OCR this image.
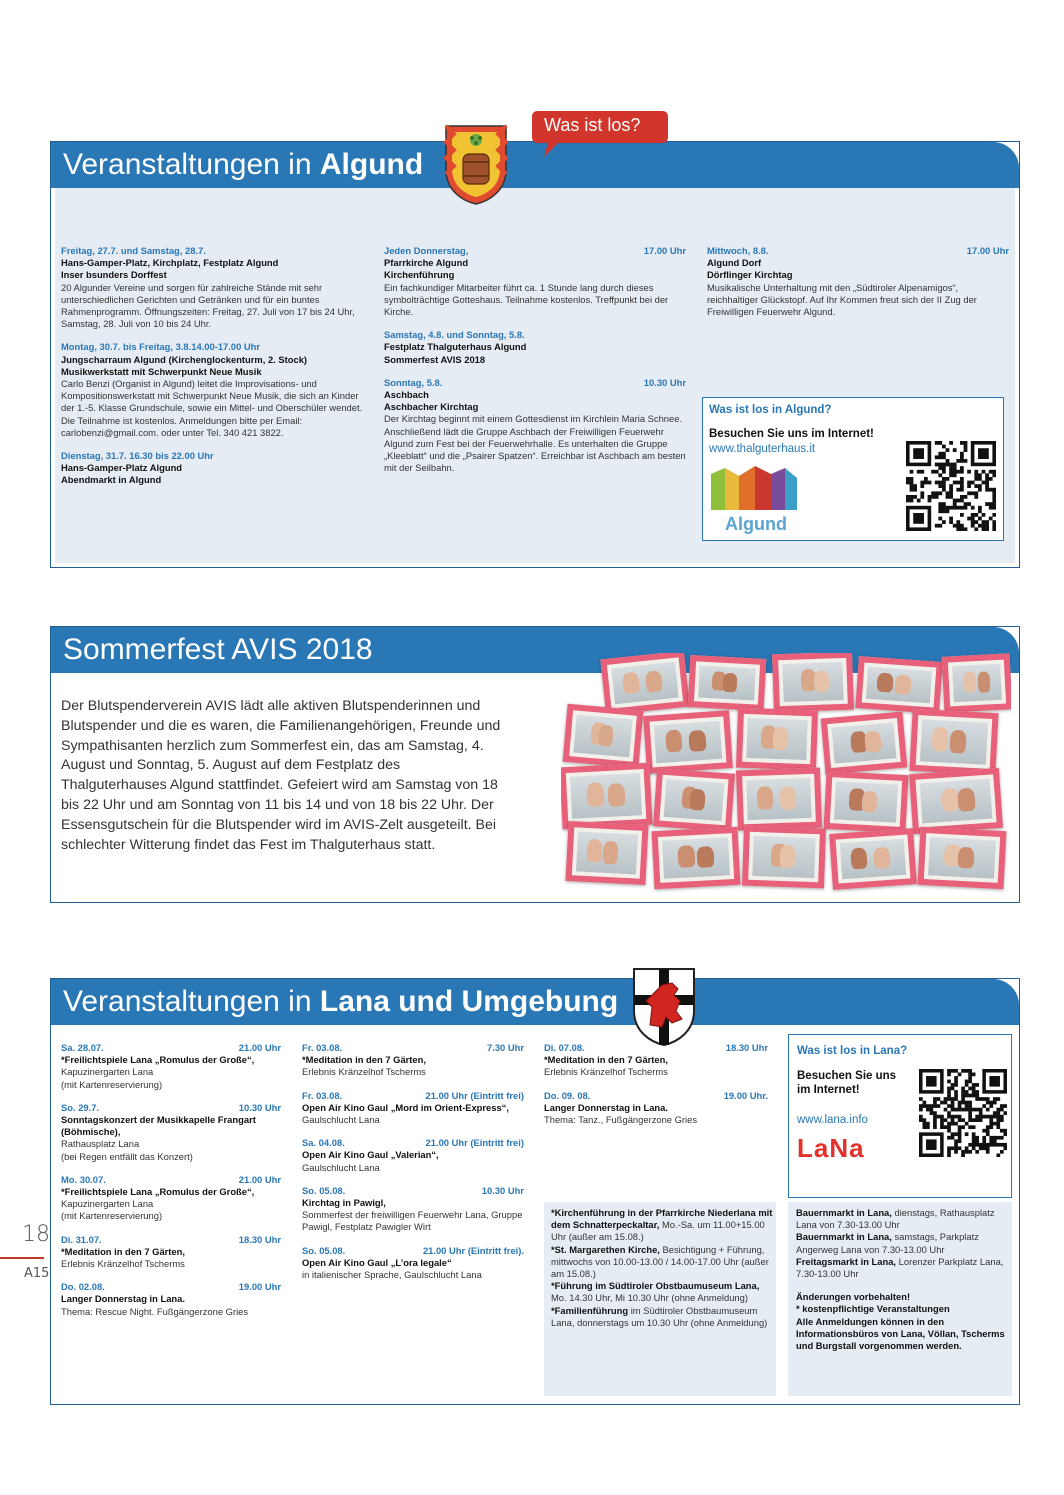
Veranstaltungen in Algund
Freitag, 27.7. und Samstag, 28.7.
Hans-Gamper-Platz, Kirchplatz, Festplatz Algund
Inser bsunders Dorffest
20 Algunder Vereine und sorgen für zahlreiche Stände mit sehr unterschiedlichen Gerichten und Getränken und für ein buntes Rahmenprogramm. Öffnungszeiten: Freitag, 27. Juli von 17 bis 24 Uhr, Samstag, 28. Juli von 10 bis 24 Uhr.
Montag, 30.7. bis Freitag, 3.8.14.00-17.00 Uhr
Jungscharraum Algund (Kirchenglockenturm, 2. Stock)
Musikwerkstatt mit Schwerpunkt Neue Musik
Carlo Benzi (Organist in Algund) leitet die Improvisations- und Kompositionswerkstatt mit Schwerpunkt Neue Musik, die sich an Kinder der 1.-5. Klasse Grundschule, sowie ein Mittel- und Oberschüler wendet. Die Teilnahme ist kostenlos. Anmeldungen bitte per Email: carlobenzi@gmail.com. oder unter Tel. 340 421 3822.
Dienstag, 31.7. 16.30 bis 22.00 Uhr
Hans-Gamper-Platz Algund
Abendmarkt in Algund
Jeden Donnerstag,	17.00 Uhr
Pfarrkirche Algund
Kirchenführung
Ein fachkundiger Mitarbeiter führt ca. 1 Stunde lang durch dieses symbolträchtige Gotteshaus. Teilnahme kostenlos. Treffpunkt bei der Kirche.
Samstag, 4.8. und Sonntag, 5.8.
Festplatz Thalguterhaus Algund
Sommerfest AVIS 2018
Sonntag, 5.8.	10.30 Uhr
Aschbach
Aschbacher Kirchtag
Der Kirchtag beginnt mit einem Gottesdienst im Kirchlein Maria Schnee. Anschließend lädt die Gruppe Aschbach der Freiwilligen Feuerwehr Algund zum Fest bei der Feuerwehrhalle. Es unterhalten die Gruppe „Kleeblatt“ und die „Psairer Spatzen“. Erreichbar ist Aschbach am besten mit der Seilbahn.
Mittwoch, 8.8.	17.00 Uhr
Algund Dorf
Dörflinger Kirchtag
Musikalische Unterhaltung mit den „Südtiroler Alpenamigos“, reichhaltiger Glückstopf. Auf Ihr Kommen freut sich der II Zug der Freiwilligen Feuerwehr Algund.
Was ist los in Algund?
Besuchen Sie uns im Internet!
www.thalguterhaus.it
Algund
Was ist los?
Sommerfest AVIS 2018
Der Blutspenderverein AVIS lädt alle aktiven Blutspenderinnen und Blutspender und die es waren, die Familienangehörigen, Freunde und Sympathisanten herzlich zum Sommerfest ein, das am Samstag, 4. August und Sonntag, 5. August auf dem Festplatz des Thalguterhauses Algund stattfindet. Gefeiert wird am Samstag von 18 bis 22 Uhr und am Sonntag von 11 bis 14 und von 18 bis 22 Uhr. Der Essensgutschein für die Blutspender wird im AVIS-Zelt ausgeteilt. Bei schlechter Witterung findet das Fest im Thalguterhaus statt.
Veranstaltungen in Lana und Umgebung
Sa. 28.07.	21.00 Uhr
*Freilichtspiele Lana „Romulus der Große“,
Kapuzinergarten Lana
(mit Kartenreservierung)
So. 29.7.	10.30 Uhr
Sonntagskonzert der Musikkapelle Frangart (Böhmische),
Rathausplatz Lana
(bei Regen entfällt das Konzert)
Mo. 30.07.	21.00 Uhr
*Freilichtspiele Lana „Romulus der Große“,
Kapuzinergarten Lana
(mit Kartenreservierung)
Di. 31.07.	18.30 Uhr
*Meditation in den 7 Gärten,
Erlebnis Kränzelhof Tscherms
Do. 02.08.	19.00 Uhr
Langer Donnerstag in Lana.
Thema: Rescue Night. Fußgängerzone Gries
Fr. 03.08.	7.30 Uhr
*Meditation in den 7 Gärten,
Erlebnis Kränzelhof Tscherms
Fr. 03.08.	21.00 Uhr (Eintritt frei)
Open Air Kino Gaul „Mord im Orient-Express“,
Gaulschlucht Lana
Sa. 04.08.	21.00 Uhr (Eintritt frei)
Open Air Kino Gaul „Valerian“,
Gaulschlucht Lana
So. 05.08.	10.30 Uhr
Kirchtag in Pawigl,
Sommerfest der freiwilligen Feuerwehr Lana, Gruppe Pawigl, Festplatz Pawigler Wirt
So. 05.08.	21.00 Uhr (Eintritt frei).
Open Air Kino Gaul „L’ora legale“
in italienischer Sprache, Gaulschlucht Lana
Di. 07.08.	18.30 Uhr
*Meditation in den 7 Gärten,
Erlebnis Kränzelhof Tscherms
Do. 09. 08.	19.00 Uhr.
Langer Donnerstag in Lana.
Thema: Tanz., Fußgängerzone Gries
*Kirchenführung in der Pfarrkirche Niederlana mit dem Schnatterpeckaltar, Mo.-Sa. um 11.00+15.00 Uhr (außer am 15.08.)
*St. Margarethen Kirche, Besichtigung + Führung, mittwochs von 10.00-13.00 / 14.00-17.00 Uhr (außer am 15.08.)
*Führung im Südtiroler Obstbaumuseum Lana, Mo. 14.30 Uhr, Mi 10.30 Uhr (ohne Anmeldung)
*Familienführung im Südtiroler Obstbaumuseum Lana, donnerstags um 10.30 Uhr (ohne Anmeldung)
Bauernmarkt in Lana, dienstags, Rathausplatz Lana von 7.30-13.00 Uhr
Bauernmarkt in Lana, samstags, Parkplatz Angerweg Lana von 7.30-13.00 Uhr
Freitagsmarkt in Lana, Lorenzer Parkplatz Lana, 7.30-13.00 Uhr
Änderungen vorbehalten!
* kostenpflichtige Veranstaltungen
Alle Anmeldungen können in den Informationsbüros von Lana, Völlan, Tscherms und Burgstall vorgenommen werden.
Was ist los in Lana?
Besuchen Sie uns im Internet!
www.lana.info
LaNa
18
A15
